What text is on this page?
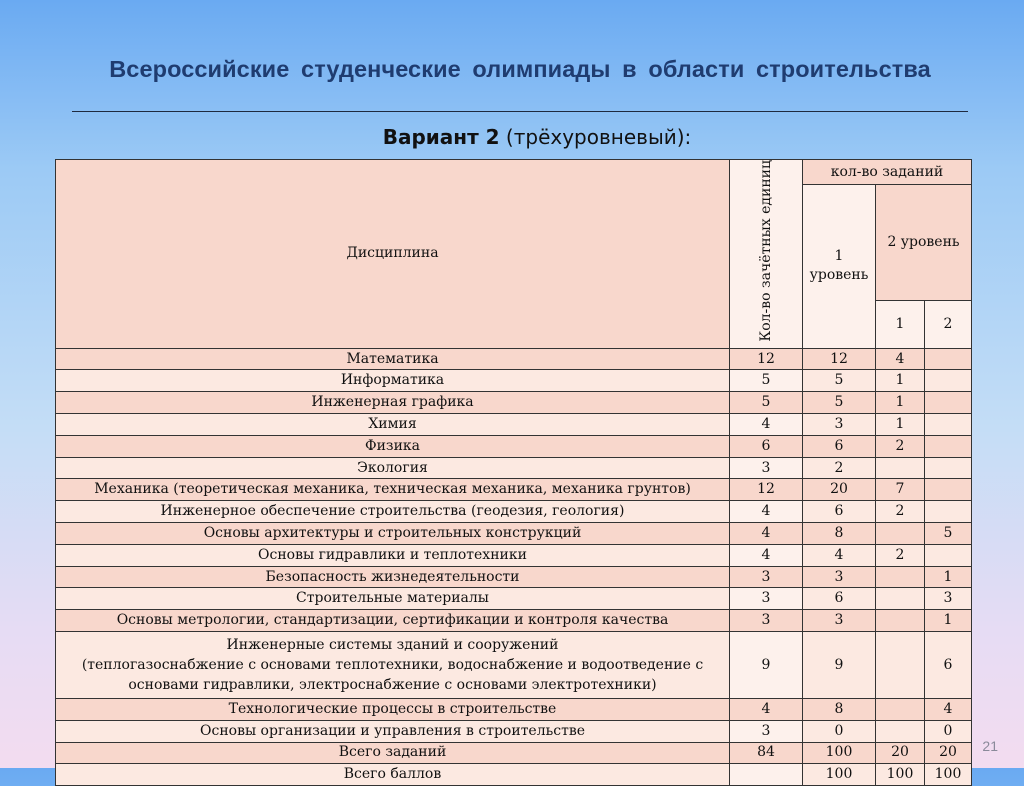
Всероссийские студенческие олимпиады в области строительства
Вариант 2 (трёхуровневый):
Дисциплина	Кол-во зачётных единиц	кол-во заданий		
		1 уровень	2 уровень	
			1	2
Математика	12	12	4	
Информатика	5	5	1	
Инженерная графика	5	5	1	
Химия	4	3	1	
Физика	6	6	2	
Экология	3	2		
Механика (теоретическая механика, техническая механика, механика грунтов)	12	20	7	
Инженерное обеспечение строительства (геодезия, геология)	4	6	2	
Основы архитектуры и строительных конструкций	4	8		5
Основы гидравлики и теплотехники	4	4	2	
Безопасность жизнедеятельности	3	3		1
Строительные материалы	3	6		3
Основы метрологии, стандартизации, сертификации и контроля качества	3	3		1
Инженерные системы зданий и сооружений
(теплогазоснабжение с основами теплотехники, водоснабжение и водоотведение с основами гидравлики, электроснабжение с основами электротехники)	9	9		6
Технологические процессы в строительстве	4	8		4
Основы организации и управления в строительстве	3	0		0
Всего заданий	84	100	20	20
Всего баллов		100	100	100
21
